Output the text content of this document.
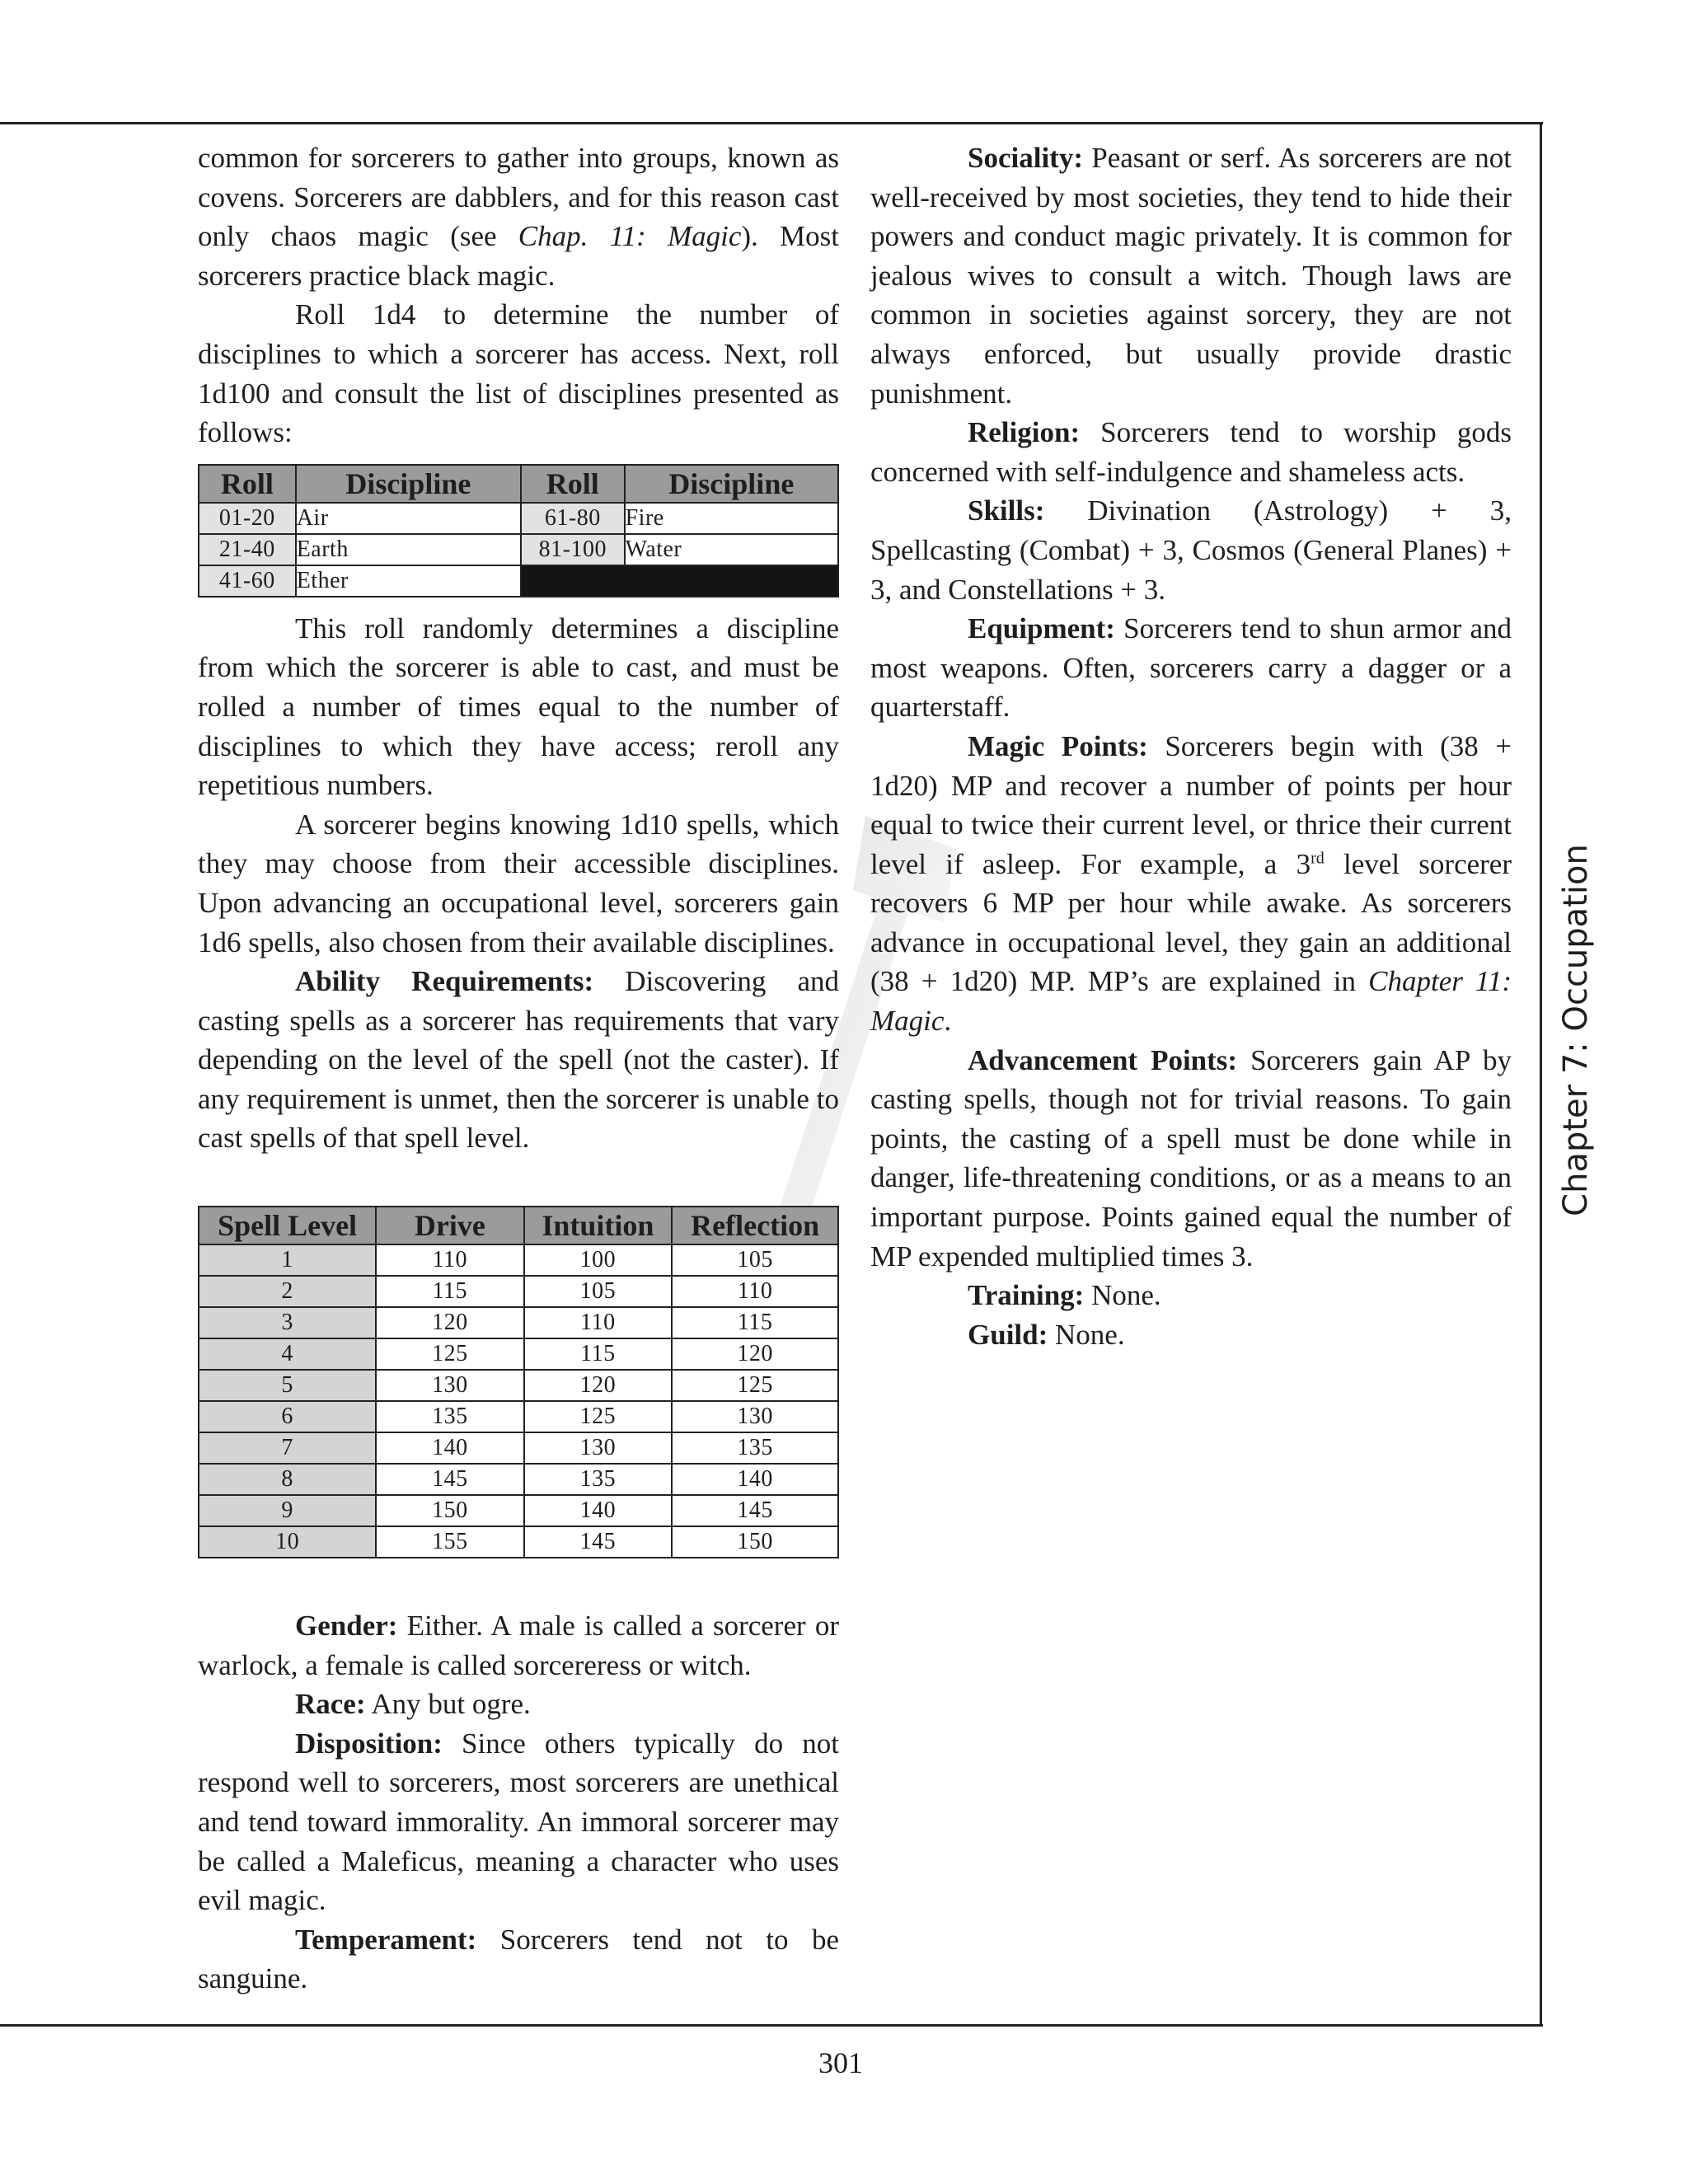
common for sorcerers to gather into groups, known as covens. Sorcerers are dabblers, and for this reason cast only chaos magic (see Chap. 11: Magic). Most sorcerers practice black magic.

Roll 1d4 to determine the number of disciplines to which a sorcerer has access. Next, roll 1d100 and consult the list of disciplines presented as follows:

Roll	Discipline	Roll	Discipline
01-20	Air	61-80	Fire
21-40	Earth	81-100	Water
41-60	Ether		

This roll randomly determines a discipline from which the sorcerer is able to cast, and must be rolled a number of times equal to the number of disciplines to which they have access; reroll any repetitious numbers.

A sorcerer begins knowing 1d10 spells, which they may choose from their accessible disciplines. Upon advancing an occupational level, sorcerers gain 1d6 spells, also chosen from their available disciplines.

Ability Requirements: Discovering and casting spells as a sorcerer has requirements that vary depending on the level of the spell (not the caster). If any requirement is unmet, then the sorcerer is unable to cast spells of that spell level.

Spell Level	Drive	Intuition	Reflection
1	110	100	105
2	115	105	110
3	120	110	115
4	125	115	120
5	130	120	125
6	135	125	130
7	140	130	135
8	145	135	140
9	150	140	145
10	155	145	150

Gender: Either. A male is called a sorcerer or warlock, a female is called sorcereress or witch.

Race: Any but ogre.

Disposition: Since others typically do not respond well to sorcerers, most sorcerers are unethical and tend toward immorality. An immoral sorcerer may be called a Maleficus, meaning a character who uses evil magic.

Temperament: Sorcerers tend not to be sanguine.

Sociality: Peasant or serf. As sorcerers are not well-received by most societies, they tend to hide their powers and conduct magic privately. It is common for jealous wives to consult a witch. Though laws are common in societies against sorcery, they are not always enforced, but usually provide drastic punishment.

Religion: Sorcerers tend to worship gods concerned with self-indulgence and shameless acts.

Skills: Divination (Astrology) + 3, Spellcasting (Combat) + 3, Cosmos (General Planes) + 3, and Constellations + 3.

Equipment: Sorcerers tend to shun armor and most weapons. Often, sorcerers carry a dagger or a quarterstaff.

Magic Points: Sorcerers begin with (38 + 1d20) MP and recover a number of points per hour equal to twice their current level, or thrice their current level if asleep. For example, a 3rd level sorcerer recovers 6 MP per hour while awake. As sorcerers advance in occupational level, they gain an additional (38 + 1d20) MP. MP’s are explained in Chapter 11: Magic.

Advancement Points: Sorcerers gain AP by casting spells, though not for trivial reasons. To gain points, the casting of a spell must be done while in danger, life-threatening conditions, or as a means to an important purpose. Points gained equal the number of MP expended multiplied times 3.

Training: None.

Guild: None.

Chapter 7: Occupation
301
